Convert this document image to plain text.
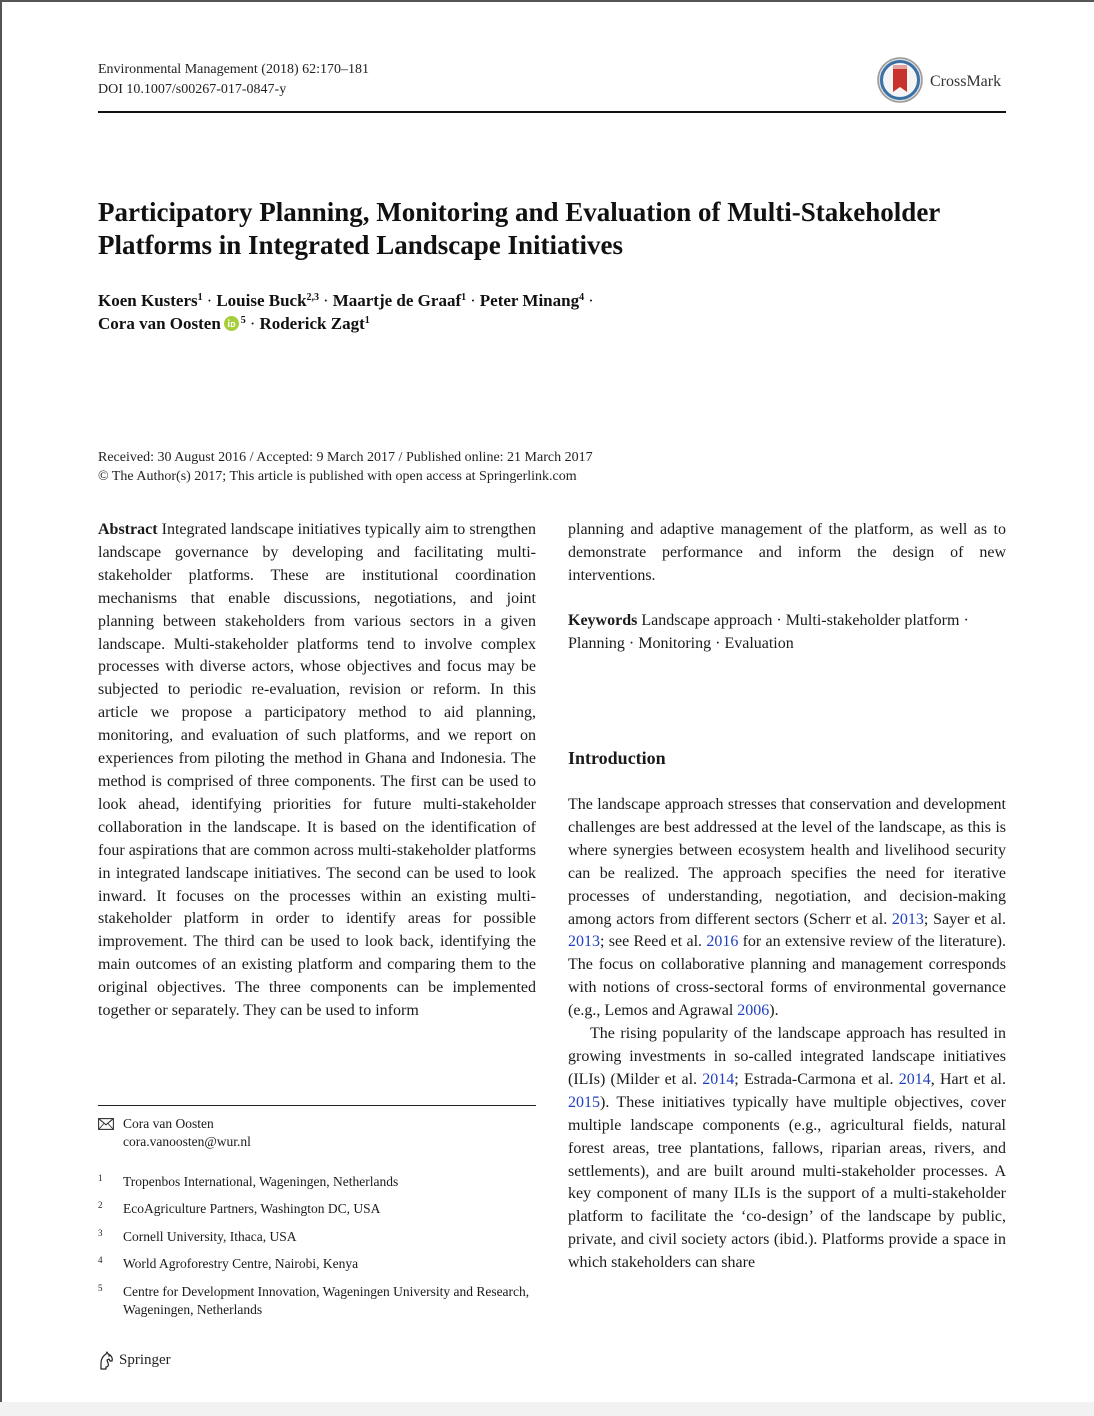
Environmental Management (2018) 62:170–181
DOI 10.1007/s00267-017-0847-y	CrossMark
Participatory Planning, Monitoring and Evaluation of Multi-Stakeholder Platforms in Integrated Landscape Initiatives
Koen Kusters$^1$ · Louise Buck$^{2,3}$ · Maartje de Graaf$^1$ · Peter Minang$^4$ ·
Cora van Oosten $^5$ · Roderick Zagt$^1$
Received: 30 August 2016 / Accepted: 9 March 2017 / Published online: 21 March 2017
© The Author(s) 2017; This article is published with open access at Springerlink.com

Abstract Integrated landscape initiatives typically aim to strengthen landscape governance by developing and facilitating multi-stakeholder platforms. These are institutional coordination mechanisms that enable discussions, negotiations, and joint planning between stakeholders from various sectors in a given landscape. Multi-stakeholder platforms tend to involve complex processes with diverse actors, whose objectives and focus may be subjected to periodic re-evaluation, revision or reform. In this article we propose a participatory method to aid planning, monitoring, and evaluation of such platforms, and we report on experiences from piloting the method in Ghana and Indonesia. The method is comprised of three components. The first can be used to look ahead, identifying priorities for future multi-stakeholder collaboration in the landscape. It is based on the identification of four aspirations that are common across multi-stakeholder platforms in integrated landscape initiatives. The second can be used to look inward. It focuses on the processes within an existing multi-stakeholder platform in order to identify areas for possible improvement. The third can be used to look back, identifying the main outcomes of an existing platform and comparing them to the original objectives. The three components can be implemented together or separately. They can be used to inform

planning and adaptive management of the platform, as well as to demonstrate performance and inform the design of new interventions.

Keywords Landscape approach · Multi-stakeholder platform · Planning · Monitoring · Evaluation

Introduction

The landscape approach stresses that conservation and development challenges are best addressed at the level of the landscape, as this is where synergies between ecosystem health and livelihood security can be realized. The approach specifies the need for iterative processes of understanding, negotiation, and decision-making among actors from different sectors (Scherr et al. 2013; Sayer et al. 2013; see Reed et al. 2016 for an extensive review of the literature). The focus on collaborative planning and management corresponds with notions of cross-sectoral forms of environmental governance (e.g., Lemos and Agrawal 2006).

The rising popularity of the landscape approach has resulted in growing investments in so-called integrated landscape initiatives (ILIs) (Milder et al. 2014; Estrada-Carmona et al. 2014, Hart et al. 2015). These initiatives typically have multiple objectives, cover multiple landscape components (e.g., agricultural fields, natural forest areas, tree plantations, fallows, riparian areas, rivers, and settlements), and are built around multi-stakeholder processes. A key component of many ILIs is the support of a multi-stakeholder platform to facilitate the ‘co-design’ of the landscape by public, private, and civil society actors (ibid.). Platforms provide a space in which stakeholders can share

Cora van Oosten
cora.vanoosten@wur.nl
1 Tropenbos International, Wageningen, Netherlands
2 EcoAgriculture Partners, Washington DC, USA
3 Cornell University, Ithaca, USA
4 World Agroforestry Centre, Nairobi, Kenya
5 Centre for Development Innovation, Wageningen University and Research, Wageningen, Netherlands
Springer
